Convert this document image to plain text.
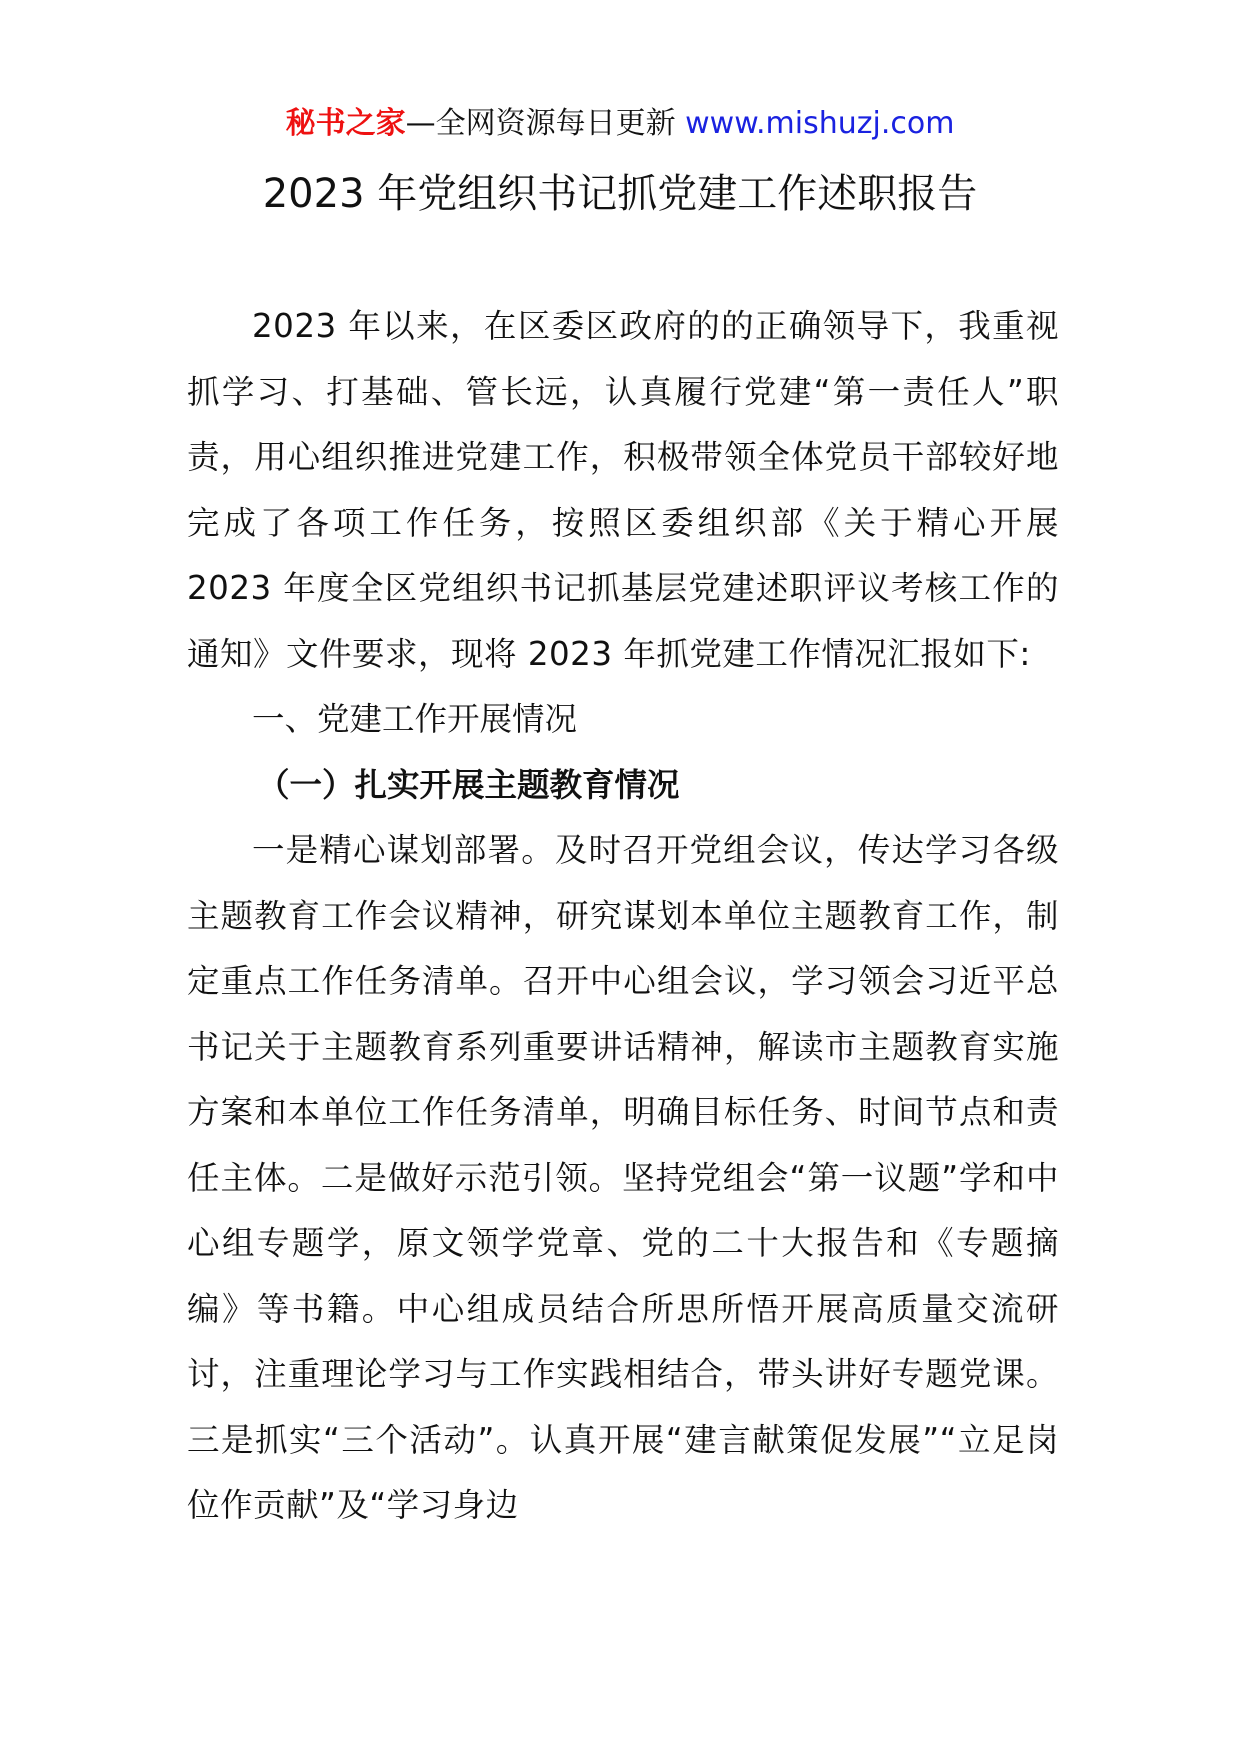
秘书之家—全网资源每日更新 www.mishuzj.com
2023 年党组织书记抓党建工作述职报告

2023 年以来，在区委区政府的的正确领导下，我重视抓学习、打基础、管长远，认真履行党建“第一责任人”职责，用心组织推进党建工作，积极带领全体党员干部较好地完成了各项工作任务，按照区委组织部《关于精心开展 2023 年度全区党组织书记抓基层党建述职评议考核工作的通知》文件要求，现将 2023 年抓党建工作情况汇报如下:

一、党建工作开展情况

（一）扎实开展主题教育情况

一是精心谋划部署。及时召开党组会议，传达学习各级主题教育工作会议精神，研究谋划本单位主题教育工作，制定重点工作任务清单。召开中心组会议，学习领会习近平总书记关于主题教育系列重要讲话精神，解读市主题教育实施方案和本单位工作任务清单，明确目标任务、时间节点和责任主体。二是做好示范引领。坚持党组会“第一议题”学和中心组专题学，原文领学党章、党的二十大报告和《专题摘编》等书籍。中心组成员结合所思所悟开展高质量交流研讨，注重理论学习与工作实践相结合，带头讲好专题党课。三是抓实“三个活动”。认真开展“建言献策促发展”“立足岗位作贡献”及“学习身边
